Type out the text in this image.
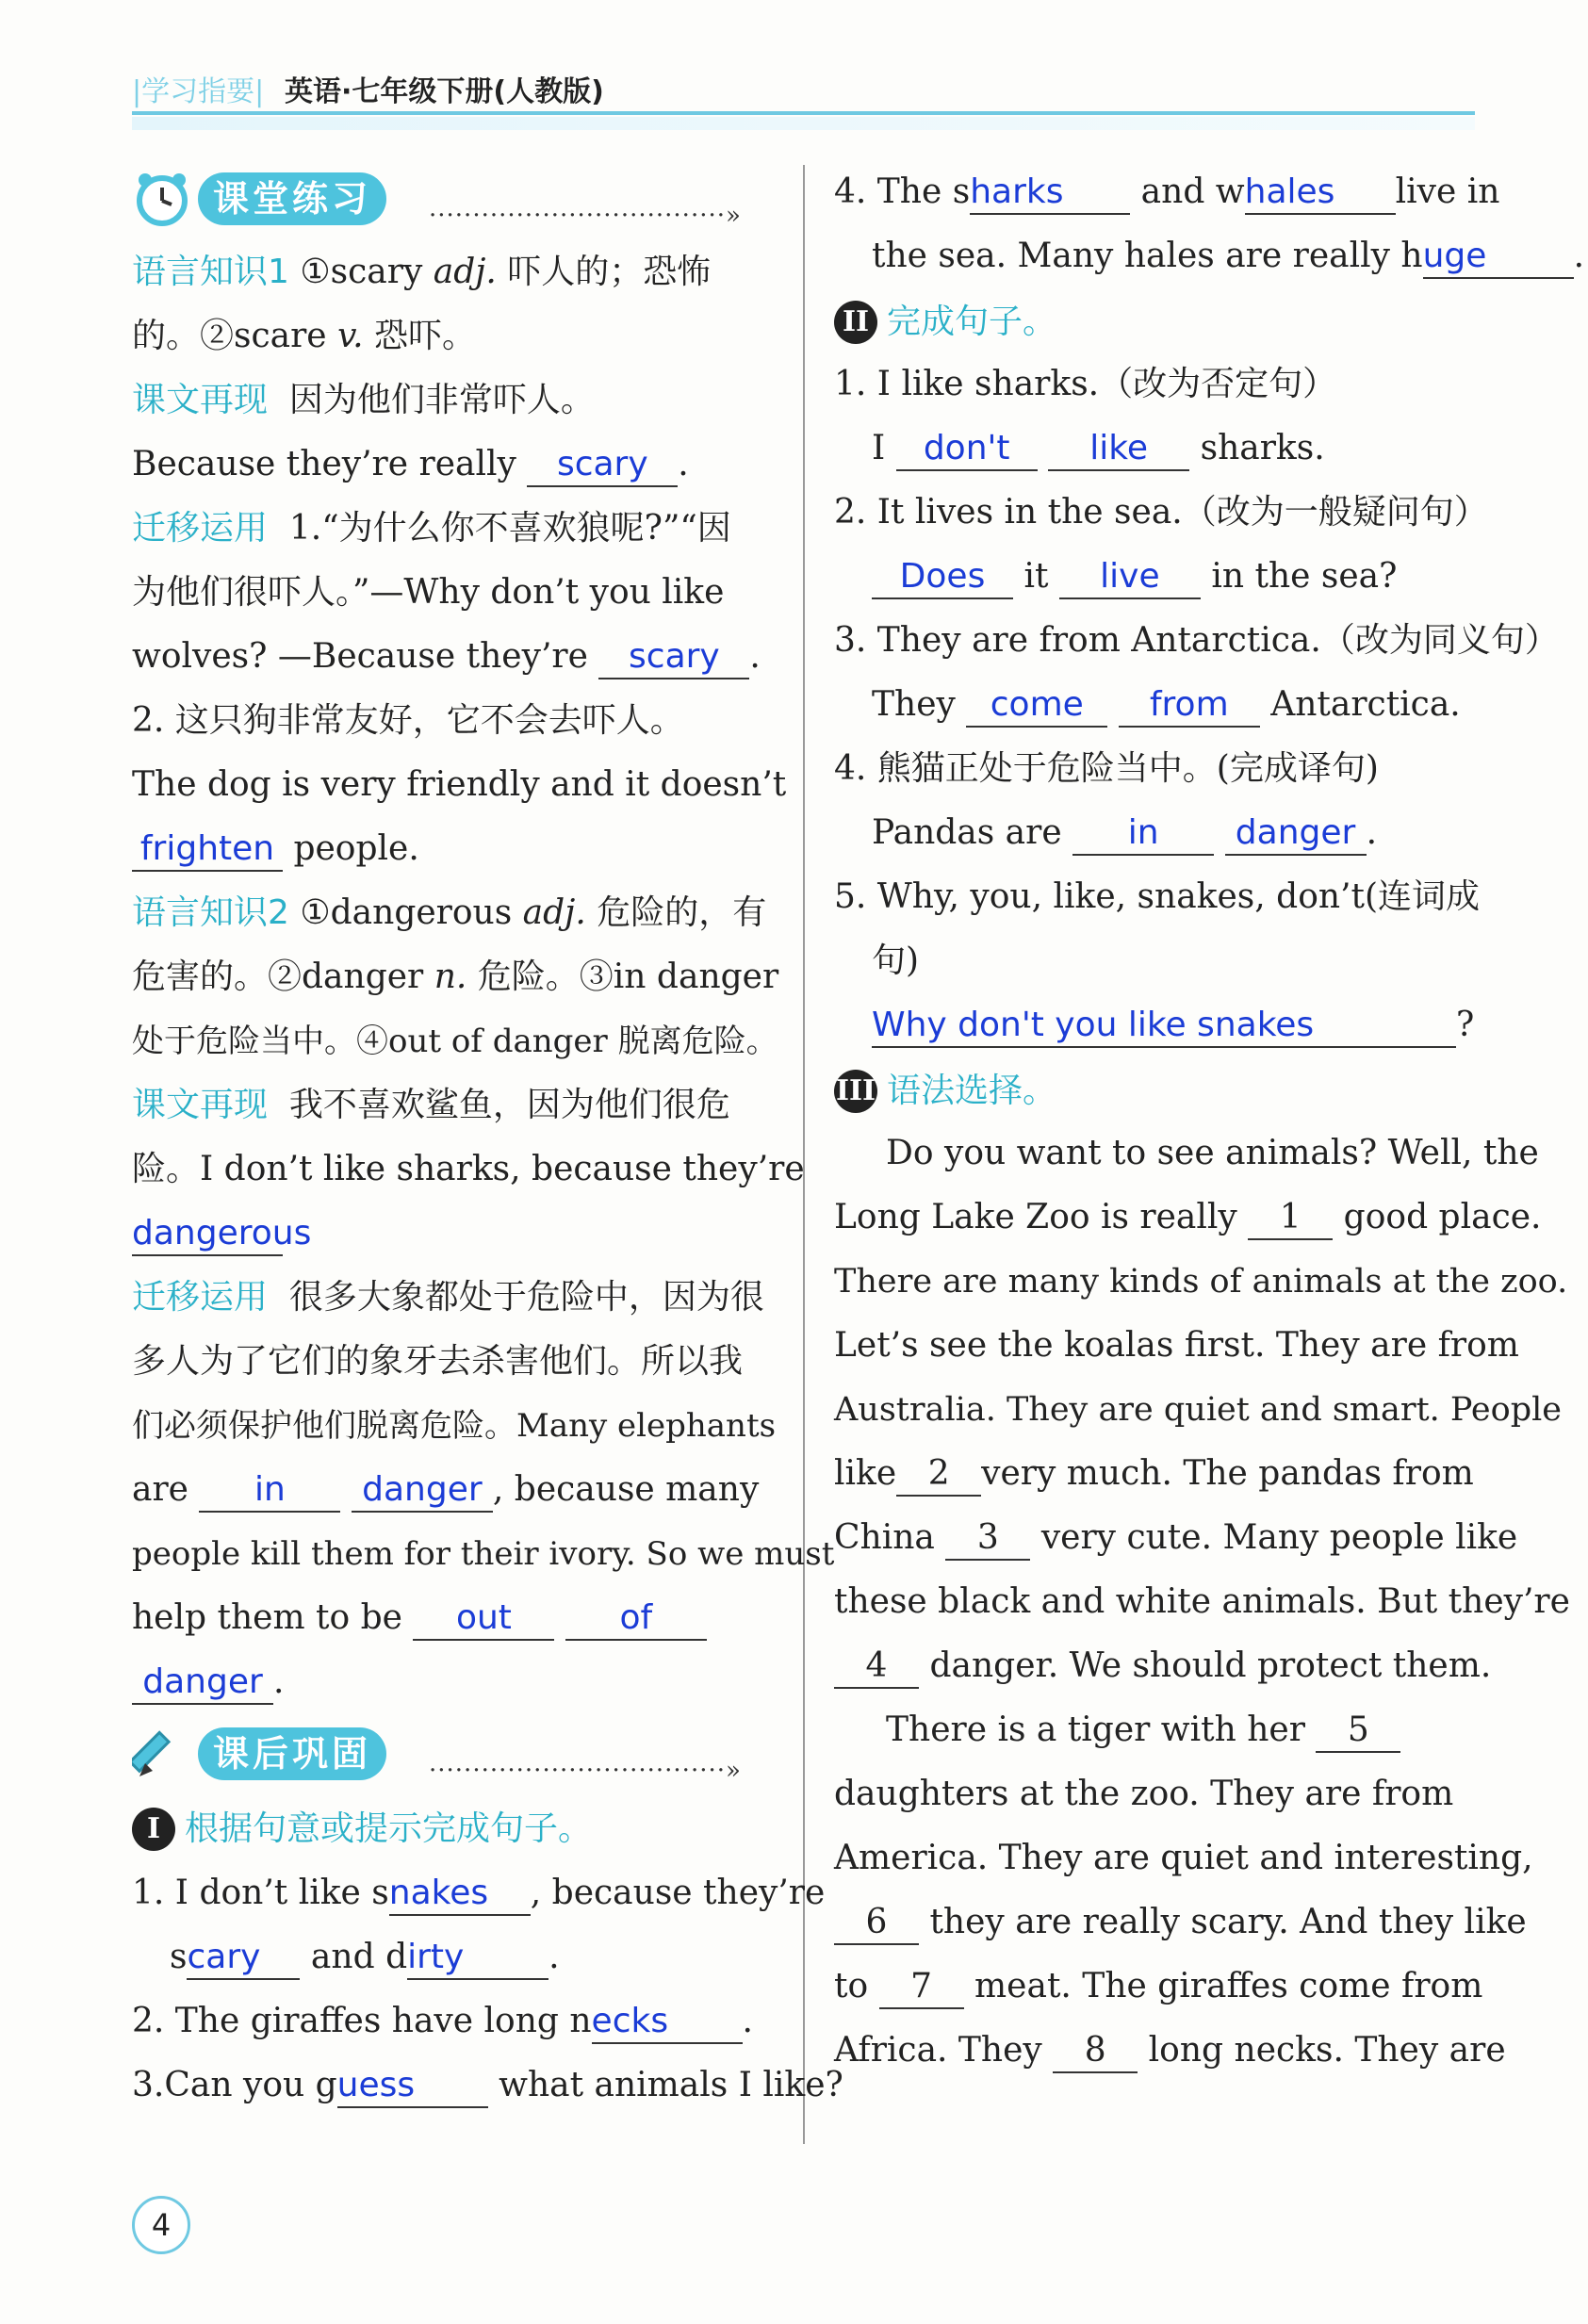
|学习指要| 英语·七年级下册(人教版)
课堂练习	··································»
语言知识1 ①scary adj. 吓人的；恐怖
的。②scare v. 恐吓。
课文再现 因为他们非常吓人。
Because they’re really scary .
迁移运用 1.“为什么你不喜欢狼呢?”“因
为他们很吓人。”—Why don’t you like
wolves? —Because they’re scary .
2. 这只狗非常友好，它不会去吓人。
The dog is very friendly and it doesn’t
frighten people.
语言知识2 ①dangerous adj. 危险的，有
危害的。②danger n. 危险。③in danger
处于危险当中。④out of danger 脱离危险。
课文再现 我不喜欢鲨鱼，因为他们很危
险。I don’t like sharks, because they’re
dangerous
迁移运用 很多大象都处于危险中，因为很
多人为了它们的象牙去杀害他们。所以我
们必须保护他们脱离危险。Many elephants
are in danger , because many
people kill them for their ivory. So we must
help them to be out	of
danger .
课后巩固	··································»
I 根据句意或提示完成句子。
1. I don’t like snakes , because they’re
scary and dirty .
2. The giraffes have long necks .
3.Can you guess what animals I like?
4. The sharks and whales live in
the sea. Many hales are really huge	.
II 完成句子。
1. I like sharks.（改为否定句）
I don't like sharks.
2. It lives in the sea.（改为一般疑问句）
Does it live in the sea?
3. They are from Antarctica.（改为同义句）
They come from Antarctica.
4. 熊猫正处于危险当中。(完成译句)
Pandas are in danger .
5. Why, you, like, snakes, don’t(连词成
句)
Why don't you like snakes	?
III 语法选择。
Do you want to see animals? Well, the
Long Lake Zoo is really 1 good place.
There are many kinds of animals at the zoo.
Let’s see the koalas first. They are from
Australia. They are quiet and smart. People
like 2 very much. The pandas from
China 3 very cute. Many people like
these black and white animals. But they’re
4 danger. We should protect them.
There is a tiger with her 5
daughters at the zoo. They are from
America. They are quiet and interesting,
6 they are really scary. And they like
to 7 meat. The giraffes come from
Africa. They 8 long necks. They are
4
